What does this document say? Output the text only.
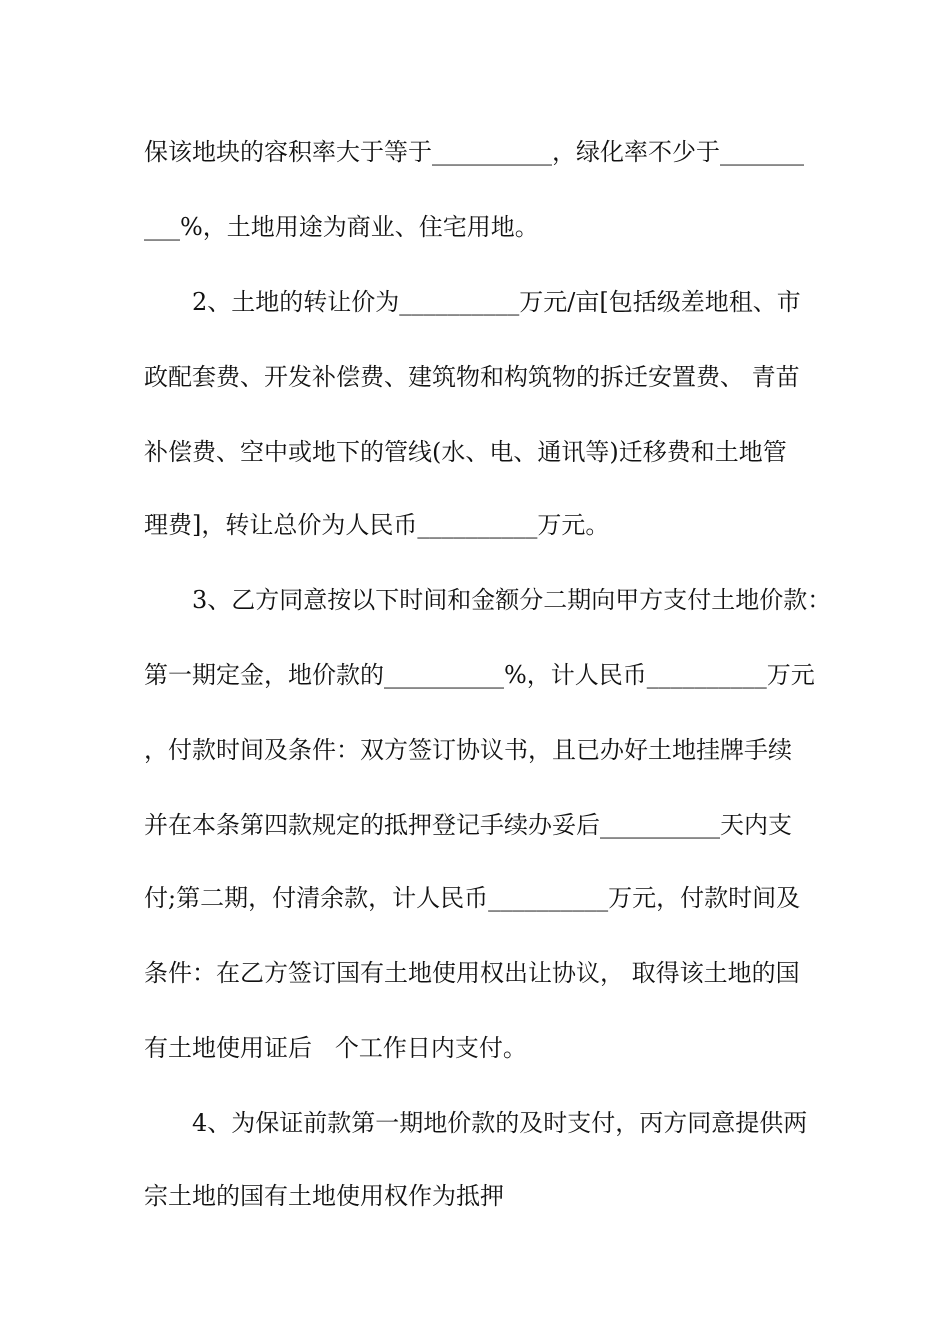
保该地块的容积率大于等于__________，绿化率不少于_______
___%，土地用途为商业、住宅用地。
2、土地的转让价为__________万元/亩[包括级差地租、市
政配套费、开发补偿费、建筑物和构筑物的拆迁安置费、 青苗
补偿费、空中或地下的管线(水、电、通讯等)迁移费和土地管
理费]，转让总价为人民币__________万元。
3、乙方同意按以下时间和金额分二期向甲方支付土地价款：
第一期定金，地价款的__________%，计人民币__________万元
，付款时间及条件：双方签订协议书，且已办好土地挂牌手续
并在本条第四款规定的抵押登记手续办妥后__________天内支
付;第二期，付清余款，计人民币__________万元，付款时间及
条件：在乙方签订国有土地使用权出让协议， 取得该土地的国
有土地使用证后   个工作日内支付。
4、为保证前款第一期地价款的及时支付，丙方同意提供两
宗土地的国有土地使用权作为抵押
